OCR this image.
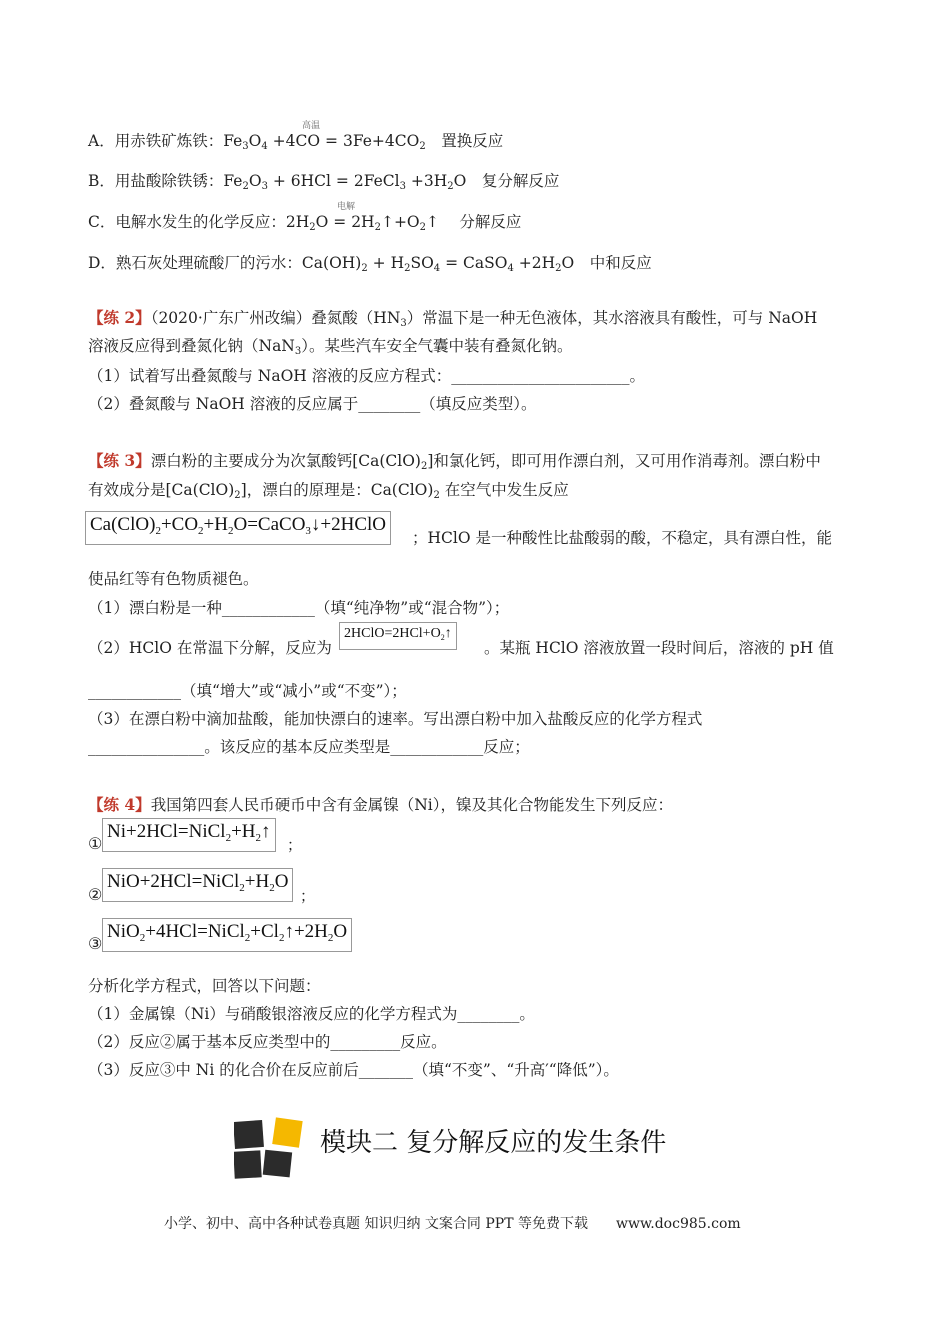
高温
A．用赤铁矿炼铁：$Fe_3O_4 +4CO = 3Fe+4CO_2$　置换反应
B．用盐酸除铁锈：$Fe_2O_3 + 6HCl$ = 2FeCl$_3$ $+3H_2O$　复分解反应
电解
C．电解水发生的化学反应：$2H_2O$ = $2H_2↑+O_2↑$　 分解反应
D．熟石灰处理硫酸厂的污水：$Ca(OH)_2 + H_2SO_4$ = CaSO$_4$ $+2H_2O$　中和反应
【练 2】（2020·广东广州改编）叠氮酸$(HN_3)$常温下是一种无色液体，其水溶液具有酸性，可与 NaOH
溶液反应得到叠氮化钠（NaN$_3$）。某些汽车安全气囊中装有叠氮化钠。
（1）试着写出叠氮酸与 NaOH 溶液的反应方程式：_______________________。
（2）叠氮酸与 NaOH 溶液的反应属于________（填反应类型）。
【练 3】漂白粉的主要成分为次氯酸钙$[Ca(ClO)_2]$和氯化钙，即可用作漂白剂，又可用作消毒剂。漂白粉中
有效成分是$[Ca(ClO)_2]$，漂白的原理是：$Ca(ClO)_2$ 在空气中发生反应
$Ca(ClO)_2+CO_2+H_2O=CaCO_3↓+2HClO$
；HClO 是一种酸性比盐酸弱的酸，不稳定，具有漂白性，能
使品红等有色物质褪色。
（1）漂白粉是一种____________（填“纯净物”或“混合物”）；
（2）HClO 在常温下分解，反应为
$2HClO=2HCl+O_2↑$
。某瓶 HClO 溶液放置一段时间后，溶液的 pH 值
____________（填“增大”或“减小”或“不变”）；
（3）在漂白粉中滴加盐酸，能加快漂白的速率。写出漂白粉中加入盐酸反应的化学方程式
_______________。该反应的基本反应类型是____________反应；
【练 4】我国第四套人民币硬币中含有金属镍（Ni），镍及其化合物能发生下列反应：
①
$Ni+2HCl=NiCl_2+H_2↑$
；
②
$NiO+2HCl=NiCl_2+H_2O$
；
③
$NiO_2+4HCl=NiCl_2+Cl_2↑+2H_2O$
分析化学方程式，回答以下问题：
（1）金属镍（Ni）与硝酸银溶液反应的化学方程式为________。
（2）反应②属于基本反应类型中的_________反应。
（3）反应③中 Ni 的化合价在反应前后_______（填“不变”、“升高′“降低”）。
模块二 复分解反应的发生条件
小学、初中、高中各种试卷真题 知识归纳 文案合同 PPT 等免费下载　　www.doc985.com
